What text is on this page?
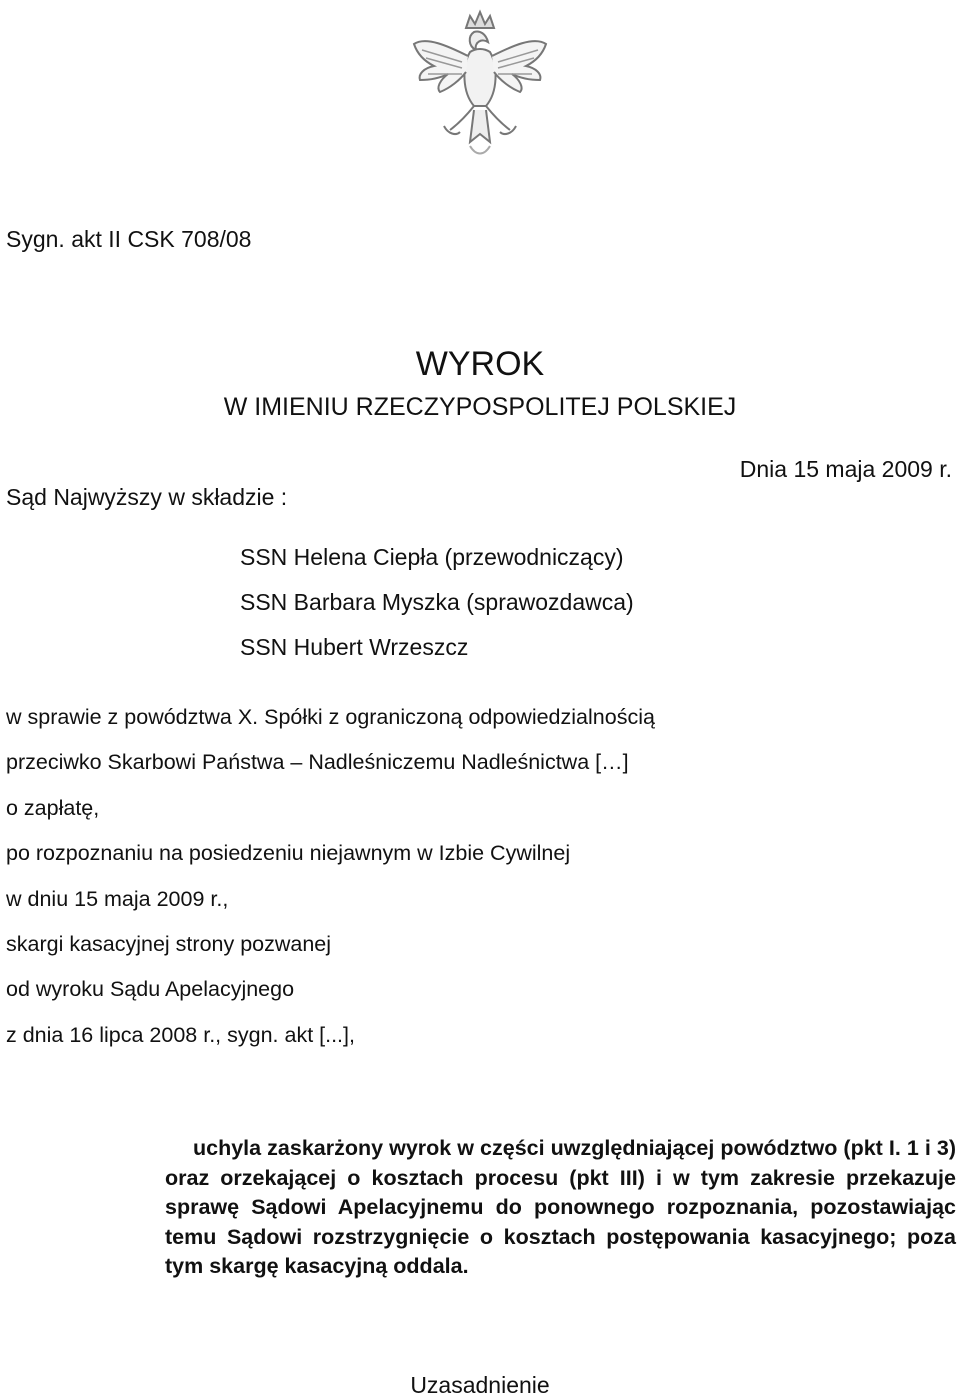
Sygn. akt II CSK 708/08
WYROK
W IMIENIU RZECZYPOSPOLITEJ POLSKIEJ
Dnia 15 maja 2009 r.
Sąd Najwyższy w składzie :
SSN Helena Ciepła (przewodniczący)
SSN Barbara Myszka (sprawozdawca)
SSN Hubert Wrzeszcz
w sprawie z powództwa X. Spółki z ograniczoną odpowiedzialnością
przeciwko Skarbowi Państwa – Nadleśniczemu Nadleśnictwa […]
o zapłatę,
po rozpoznaniu na posiedzeniu niejawnym w Izbie Cywilnej
w dniu 15 maja 2009 r.,
skargi kasacyjnej strony pozwanej
od wyroku Sądu Apelacyjnego
z dnia 16 lipca 2008 r., sygn. akt [...],

uchyla zaskarżony wyrok w części uwzględniającej powództwo (pkt I. 1 i 3) oraz orzekającej o kosztach procesu (pkt III) i w tym zakresie przekazuje sprawę Sądowi Apelacyjnemu do ponownego rozpoznania, pozostawiając temu Sądowi rozstrzygnięcie o kosztach postępowania kasacyjnego; poza tym skargę kasacyjną oddala.

Uzasadnienie
